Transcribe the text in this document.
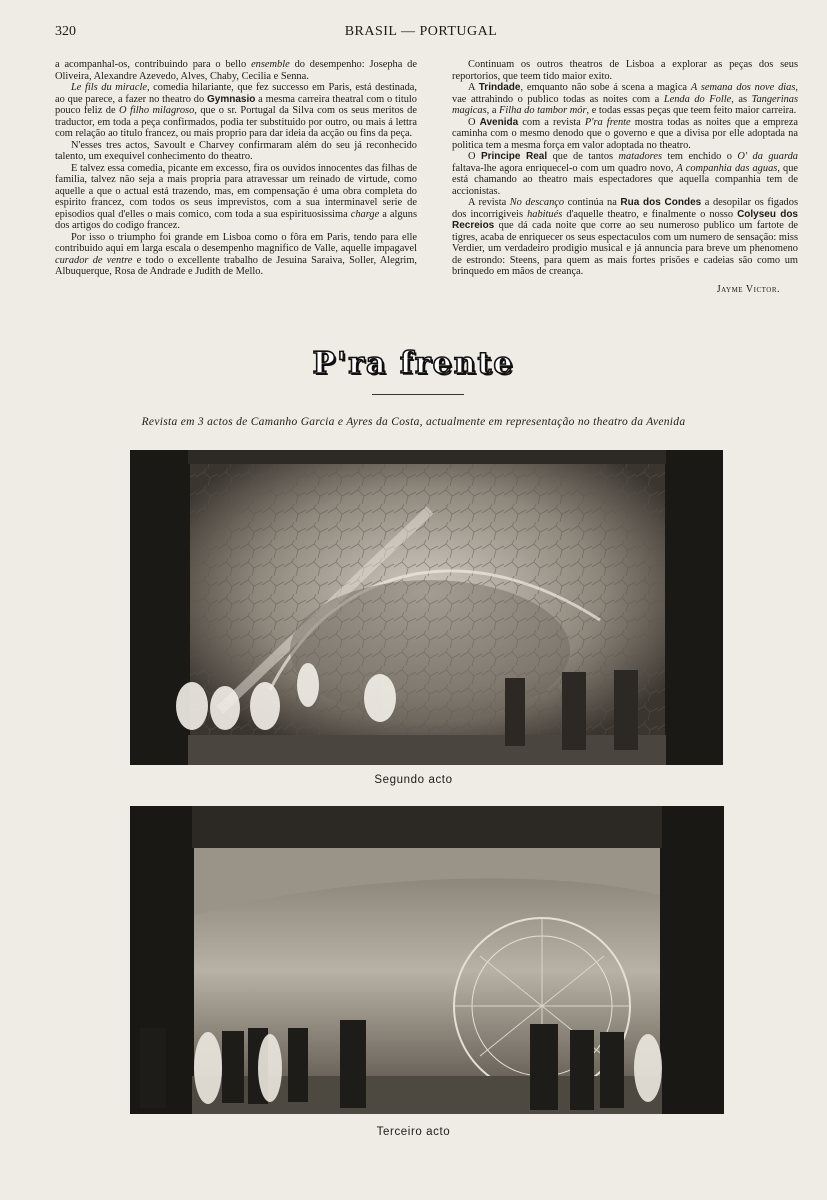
320	BRASIL — PORTUGAL

a acompanhal-os, contribuindo para o bello ensemble do desempenho: Josepha de Oliveira, Alexandre Azevedo, Alves, Chaby, Cecilia e Senna.

Le fils du miracle, comedia hilariante, que fez successo em Paris, está destinada, ao que parece, a fazer no theatro do Gymnasio a mesma carreira theatral com o titulo pouco feliz de O filho milagroso, que o sr. Portugal da Silva com os seus meritos de traductor, em toda a peça confirmados, podia ter substituido por outro, ou mais á lettra com relação ao titulo francez, ou mais proprio para dar ideia da acção ou fins da peça.

N'esses tres actos, Savoult e Charvey confirmaram além do seu já reconhecido talento, um exequivel conhecimento do theatro.

E talvez essa comedia, picante em excesso, fira os ouvidos innocentes das filhas de familia, talvez não seja a mais propria para atravessar um reinado de virtude, como aquelle a que o actual está trazendo, mas, em compensação é uma obra completa do espirito francez, com todos os seus imprevistos, com a sua interminavel serie de episodios qual d'elles o mais comico, com toda a sua espirituosissima charge a alguns dos artigos do codigo francez.

Por isso o triumpho foi grande em Lisboa como o fôra em Paris, tendo para elle contribuido aqui em larga escala o desempenho magnifico de Valle, aquelle impagavel curador de ventre e todo o excellente trabalho de Jesuina Saraiva, Soller, Alegrim, Albuquerque, Rosa de Andrade e Judith de Mello.

Continuam os outros theatros de Lisboa a explorar as peças dos seus reportorios, que teem tido maior exito.

A Trindade, emquanto não sobe á scena a magica A semana dos nove dias, vae attrahindo o publico todas as noites com a Lenda do Folle, as Tangerinas magicas, a Filha do tambor mór, e todas essas peças que teem feito maior carreira.

O Avenida com a revista P'ra frente mostra todas as noites que a empreza caminha com o mesmo denodo que o governo e que a divisa por elle adoptada na politica tem a mesma força em valor adoptada no theatro.

O Principe Real que de tantos matadores tem enchido o O' da guarda faltava-lhe agora enriquecel-o com um quadro novo, A companhia das aguas, que está chamando ao theatro mais espectadores que aquella companhia tem de accionistas.

A revista No descanço continúa na Rua dos Condes a desopilar os figados dos incorrigiveis habitués d'aquelle theatro, e finalmente o nosso Colyseu dos Recreios que dá cada noite que corre ao seu numeroso publico um fartote de tigres, acaba de enriquecer os seus espectaculos com um numero de sensação: miss Verdier, um verdadeiro prodigio musical e já annuncia para breve um phenomeno de estrondo: Steens, para quem as mais fortes prisões e cadeias são como um brinquedo em mãos de creança.

Jayme Victor.
P'ra frente
Revista em 3 actos de Camanho Garcia e Ayres da Costa, actualmente em representação no theatro da Avenida
Segundo acto
Terceiro acto
